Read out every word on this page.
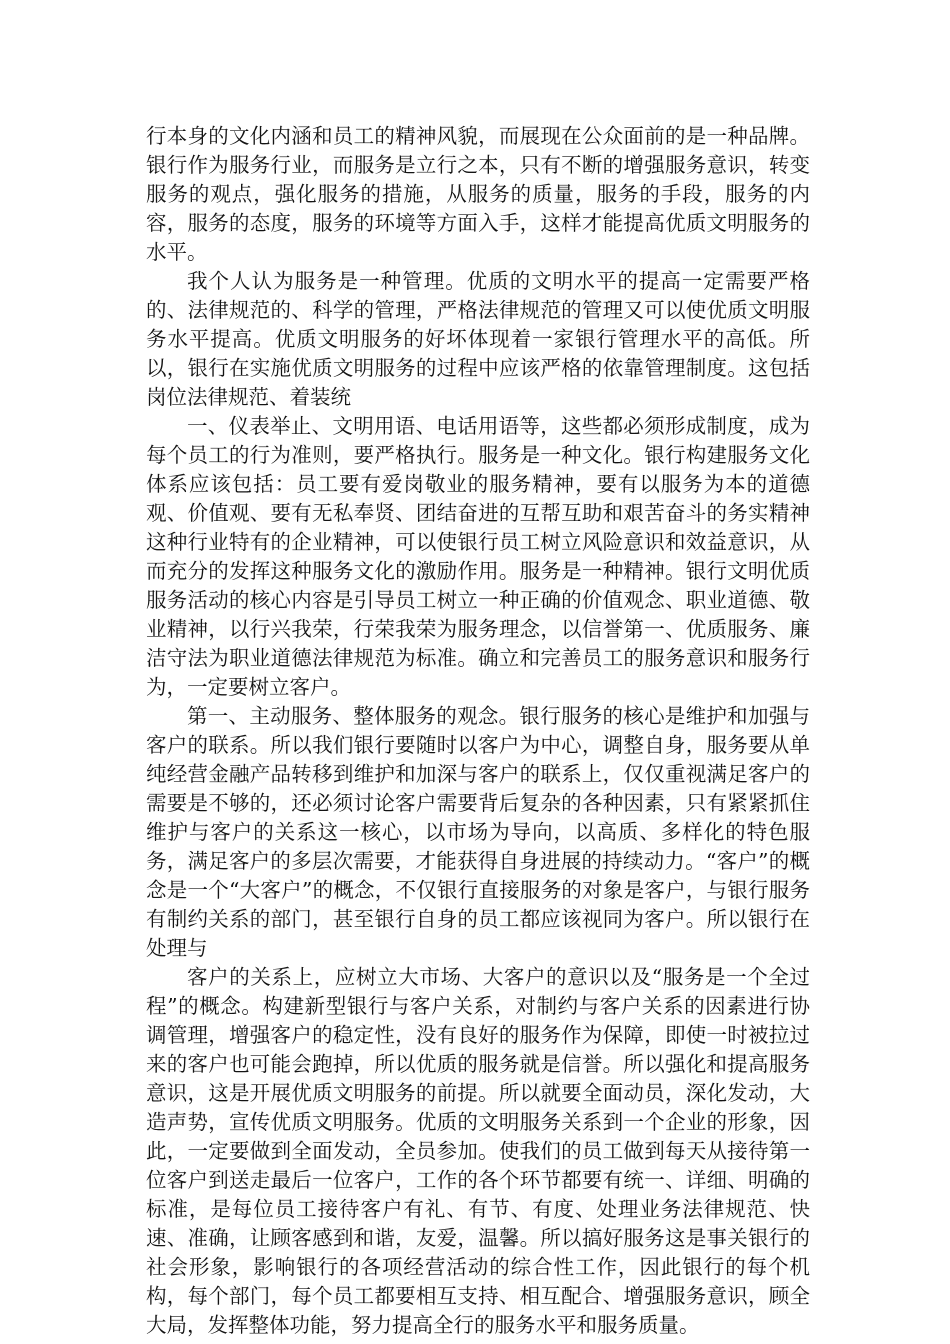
行本身的文化内涵和员工的精神风貌，而展现在公众面前的是一种品牌。银行作为服务行业，而服务是立行之本，只有不断的增强服务意识，转变服务的观点，强化服务的措施，从服务的质量，服务的手段，服务的内容，服务的态度，服务的环境等方面入手，这样才能提高优质文明服务的水平。

我个人认为服务是一种管理。优质的文明水平的提高一定需要严格的、法律规范的、科学的管理，严格法律规范的管理又可以使优质文明服务水平提高。优质文明服务的好坏体现着一家银行管理水平的高低。所以，银行在实施优质文明服务的过程中应该严格的依靠管理制度。这包括岗位法律规范、着装统

一、仪表举止、文明用语、电话用语等，这些都必须形成制度，成为每个员工的行为准则，要严格执行。服务是一种文化。银行构建服务文化体系应该包括：员工要有爱岗敬业的服务精神，要有以服务为本的道德观、价值观、要有无私奉贤、团结奋进的互帮互助和艰苦奋斗的务实精神这种行业特有的企业精神，可以使银行员工树立风险意识和效益意识，从而充分的发挥这种服务文化的激励作用。服务是一种精神。银行文明优质服务活动的核心内容是引导员工树立一种正确的价值观念、职业道德、敬业精神，以行兴我荣，行荣我荣为服务理念，以信誉第一、优质服务、廉洁守法为职业道德法律规范为标准。确立和完善员工的服务意识和服务行为，一定要树立客户。

第一、主动服务、整体服务的观念。银行服务的核心是维护和加强与客户的联系。所以我们银行要随时以客户为中心，调整自身，服务要从单纯经营金融产品转移到维护和加深与客户的联系上，仅仅重视满足客户的需要是不够的，还必须讨论客户需要背后复杂的各种因素，只有紧紧抓住维护与客户的关系这一核心，以市场为导向，以高质、多样化的特色服务，满足客户的多层次需要，才能获得自身进展的持续动力。“客户”的概念是一个“大客户”的概念，不仅银行直接服务的对象是客户，与银行服务有制约关系的部门，甚至银行自身的员工都应该视同为客户。所以银行在处理与

客户的关系上，应树立大市场、大客户的意识以及“服务是一个全过程”的概念。构建新型银行与客户关系，对制约与客户关系的因素进行协调管理，增强客户的稳定性，没有良好的服务作为保障，即使一时被拉过来的客户也可能会跑掉，所以优质的服务就是信誉。所以强化和提高服务意识，这是开展优质文明服务的前提。所以就要全面动员，深化发动，大造声势，宣传优质文明服务。优质的文明服务关系到一个企业的形象，因此，一定要做到全面发动，全员参加。使我们的员工做到每天从接待第一位客户到送走最后一位客户，工作的各个环节都要有统一、详细、明确的标准，是每位员工接待客户有礼、有节、有度、处理业务法律规范、快速、准确，让顾客感到和谐，友爱，温馨。所以搞好服务这是事关银行的社会形象，影响银行的各项经营活动的综合性工作，因此银行的每个机构，每个部门，每个员工都要相互支持、相互配合、增强服务意识，顾全大局，发挥整体功能，努力提高全行的服务水平和服务质量。
